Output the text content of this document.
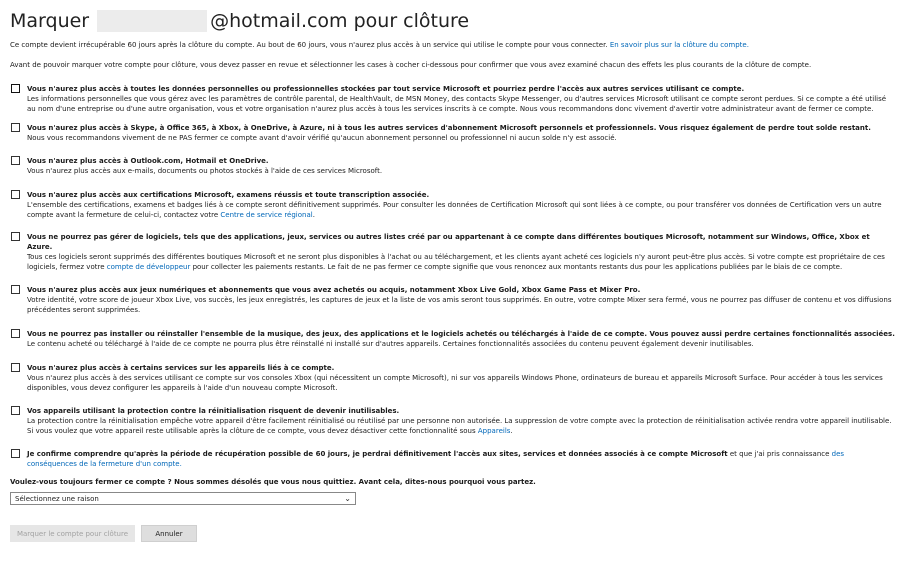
Marquer	@hotmail.com pour clôture
Ce compte devient irrécupérable 60 jours après la clôture du compte. Au bout de 60 jours, vous n'aurez plus accès à un service qui utilise le compte pour vous connecter. En savoir plus sur la clôture du compte.
Avant de pouvoir marquer votre compte pour clôture, vous devez passer en revue et sélectionner les cases à cocher ci-dessous pour confirmer que vous avez examiné chacun des effets les plus courants de la clôture de compte.
Vous n'aurez plus accès à toutes les données personnelles ou professionnelles stockées par tout service Microsoft et pourriez perdre l'accès aux autres services utilisant ce compte.
Les informations personnelles que vous gérez avec les paramètres de contrôle parental, de HealthVault, de MSN Money, des contacts Skype Messenger, ou d'autres services Microsoft utilisant ce compte seront perdues. Si ce compte a été utilisé au nom d'une entreprise ou d'une autre organisation, vous et votre organisation n'aurez plus accès à tous les services inscrits à ce compte. Nous vous recommandons donc vivement d'avertir votre administrateur avant de fermer ce compte.
Vous n'aurez plus accès à Skype, à Office 365, à Xbox, à OneDrive, à Azure, ni à tous les autres services d'abonnement Microsoft personnels et professionnels. Vous risquez également de perdre tout solde restant.
Nous vous recommandons vivement de ne PAS fermer ce compte avant d'avoir vérifié qu'aucun abonnement personnel ou professionnel ni aucun solde n'y est associé.
Vous n'aurez plus accès à Outlook.com, Hotmail et OneDrive.
Vous n'aurez plus accès aux e-mails, documents ou photos stockés à l'aide de ces services Microsoft.
Vous n'aurez plus accès aux certifications Microsoft, examens réussis et toute transcription associée.
L'ensemble des certifications, examens et badges liés à ce compte seront définitivement supprimés. Pour consulter les données de Certification Microsoft qui sont liées à ce compte, ou pour transférer vos données de Certification vers un autre compte avant la fermeture de celui-ci, contactez votre Centre de service régional.
Vous ne pourrez pas gérer de logiciels, tels que des applications, jeux, services ou autres listes créé par ou appartenant à ce compte dans différentes boutiques Microsoft, notamment sur Windows, Office, Xbox et Azure.
Tous ces logiciels seront supprimés des différentes boutiques Microsoft et ne seront plus disponibles à l'achat ou au téléchargement, et les clients ayant acheté ces logiciels n'y auront peut-être plus accès. Si votre compte est propriétaire de ces logiciels, fermez votre compte de développeur pour collecter les paiements restants. Le fait de ne pas fermer ce compte signifie que vous renoncez aux montants restants dus pour les applications publiées par le biais de ce compte.
Vous n'aurez plus accès aux jeux numériques et abonnements que vous avez achetés ou acquis, notamment Xbox Live Gold, Xbox Game Pass et Mixer Pro.
Votre identité, votre score de joueur Xbox Live, vos succès, les jeux enregistrés, les captures de jeux et la liste de vos amis seront tous supprimés. En outre, votre compte Mixer sera fermé, vous ne pourrez pas diffuser de contenu et vos diffusions précédentes seront supprimées.
Vous ne pourrez pas installer ou réinstaller l'ensemble de la musique, des jeux, des applications et le logiciels achetés ou téléchargés à l'aide de ce compte. Vous pouvez aussi perdre certaines fonctionnalités associées.
Le contenu acheté ou téléchargé à l'aide de ce compte ne pourra plus être réinstallé ni installé sur d'autres appareils. Certaines fonctionnalités associées du contenu peuvent également devenir inutilisables.
Vous n'aurez plus accès à certains services sur les appareils liés à ce compte.
Vous n'aurez plus accès à des services utilisant ce compte sur vos consoles Xbox (qui nécessitent un compte Microsoft), ni sur vos appareils Windows Phone, ordinateurs de bureau et appareils Microsoft Surface. Pour accéder à tous les services disponibles, vous devez configurer les appareils à l'aide d'un nouveau compte Microsoft.
Vos appareils utilisant la protection contre la réinitialisation risquent de devenir inutilisables.
La protection contre la réinitialisation empêche votre appareil d'être facilement réinitialisé ou réutilisé par une personne non autorisée. La suppression de votre compte avec la protection de réinitialisation activée rendra votre appareil inutilisable. Si vous voulez que votre appareil reste utilisable après la clôture de ce compte, vous devez désactiver cette fonctionnalité sous Appareils.
Je confirme comprendre qu'après la période de récupération possible de 60 jours, je perdrai définitivement l'accès aux sites, services et données associés à ce compte Microsoft et que j'ai pris connaissance des conséquences de la fermeture d'un compte.
Voulez-vous toujours fermer ce compte ? Nous sommes désolés que vous nous quittiez. Avant cela, dites-nous pourquoi vous partez.
Sélectionnez une raison	⌄
Marquer le compte pour clôture	Annuler
